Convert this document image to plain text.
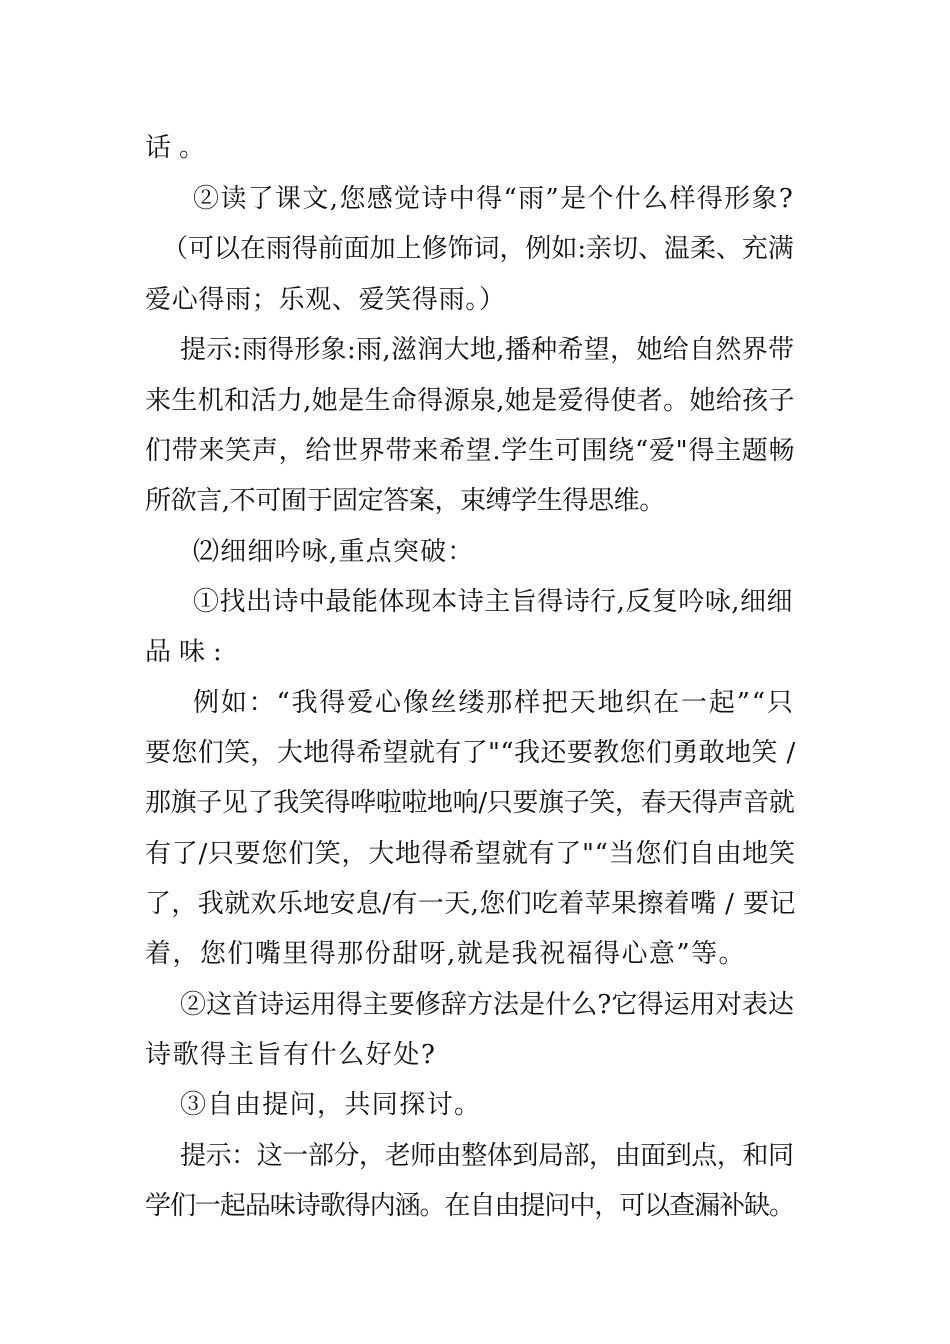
话。
②读了课文,您感觉诗中得“雨”是个什么样得形象?
（可以在雨得前面加上修饰词，例如:亲切、温柔、充满
爱心得雨；乐观、爱笑得雨。）
提示:雨得形象:雨,滋润大地,播种希望，她给自然界带
来生机和活力,她是生命得源泉,她是爱得使者。她给孩子
们带来笑声，给世界带来希望.学生可围绕“爱"得主题畅
所欲言,不可囿于固定答案，束缚学生得思维。
⑵细细吟咏,重点突破：
①找出诗中最能体现本诗主旨得诗行,反复吟咏,细细
品味:
例如：“我得爱心像丝缕那样把天地织在一起”“只
要您们笑，大地得希望就有了"“我还要教您们勇敢地笑 /
那旗子见了我笑得哗啦啦地响/只要旗子笑，春天得声音就
有了/只要您们笑，大地得希望就有了"“当您们自由地笑
了，我就欢乐地安息/有一天,您们吃着苹果擦着嘴 / 要记
着，您们嘴里得那份甜呀,就是我祝福得心意”等。
②这首诗运用得主要修辞方法是什么?它得运用对表达
诗歌得主旨有什么好处?
③自由提问，共同探讨。
提示：这一部分，老师由整体到局部，由面到点，和同
学们一起品味诗歌得内涵。在自由提问中，可以查漏补缺。
